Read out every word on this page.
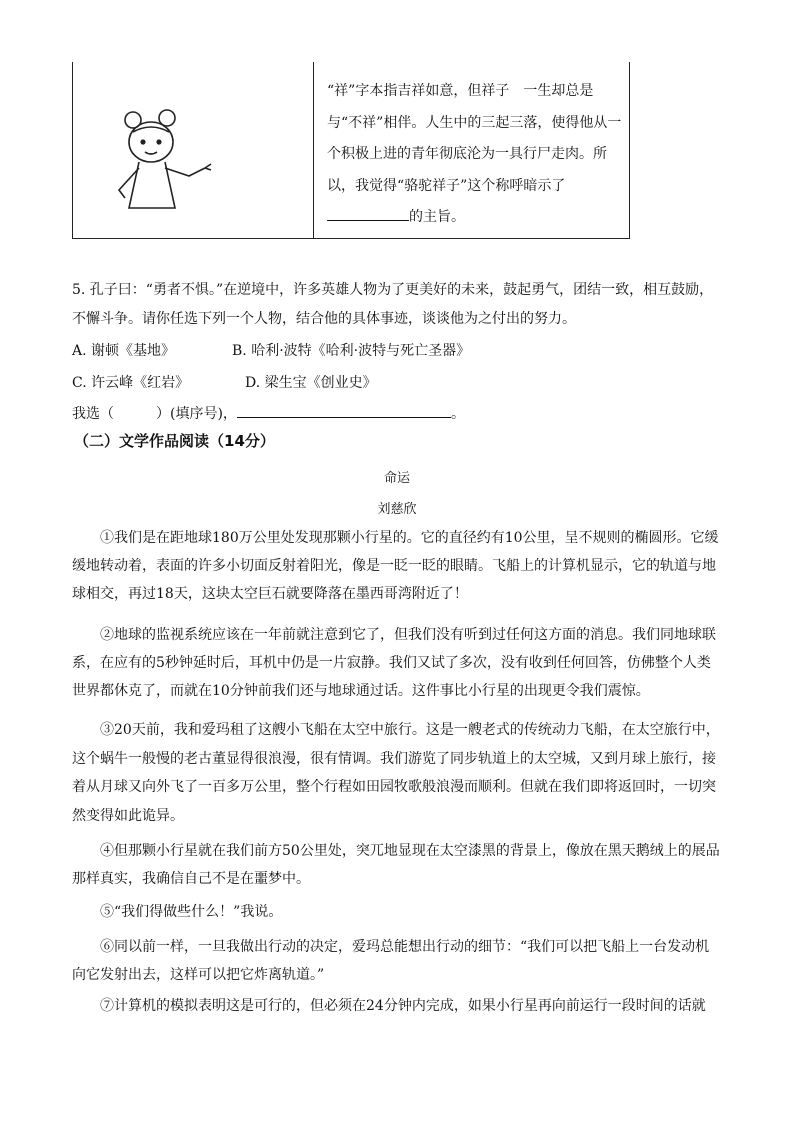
“祥”字本指吉祥如意，但祥子　一生却总是与“不祥”相伴。人生中的三起三落，使得他从一个积极上进的青年彻底沦为一具行尸走肉。所以，我觉得“骆驼祥子”这个称呼暗示了的主旨。

5. 孔子曰：“勇者不惧。”在逆境中，许多英雄人物为了更美好的未来，鼓起勇气，团结一致，相互鼓励，不懈斗争。请你任选下列一个人物，结合他的具体事迹，谈谈他为之付出的努力。

A. 谢顿《基地》	B. 哈利·波特《哈利·波特与死亡圣器》
C. 许云峰《红岩》	D. 梁生宝《创业史》
我选（　　　）(填序号)，	。
（二）文学作品阅读（14分）
命运
刘慈欣

①我们是在距地球180万公里处发现那颗小行星的。它的直径约有10公里，呈不规则的椭圆形。它缓缓地转动着，表面的许多小切面反射着阳光，像是一眨一眨的眼睛。飞船上的计算机显示，它的轨道与地球相交，再过18天，这块太空巨石就要降落在墨西哥湾附近了！

②地球的监视系统应该在一年前就注意到它了，但我们没有听到过任何这方面的消息。我们同地球联系，在应有的5秒钟延时后，耳机中仍是一片寂静。我们又试了多次，没有收到任何回答，仿佛整个人类世界都休克了，而就在10分钟前我们还与地球通过话。这件事比小行星的出现更令我们震惊。

③20天前，我和爱玛租了这艘小飞船在太空中旅行。这是一艘老式的传统动力飞船，在太空旅行中，这个蜗牛一般慢的老古董显得很浪漫，很有情调。我们游览了同步轨道上的太空城，又到月球上旅行，接着从月球又向外飞了一百多万公里，整个行程如田园牧歌般浪漫而顺利。但就在我们即将返回时，一切突然变得如此诡异。

④但那颗小行星就在我们前方50公里处，突兀地显现在太空漆黑的背景上，像放在黑天鹅绒上的展品那样真实，我确信自己不是在噩梦中。

⑤“我们得做些什么！”我说。

⑥同以前一样，一旦我做出行动的决定，爱玛总能想出行动的细节：“我们可以把飞船上一台发动机向它发射出去，这样可以把它炸离轨道。”

⑦计算机的模拟表明这是可行的，但必须在24分钟内完成，如果小行星再向前运行一段时间的话就
